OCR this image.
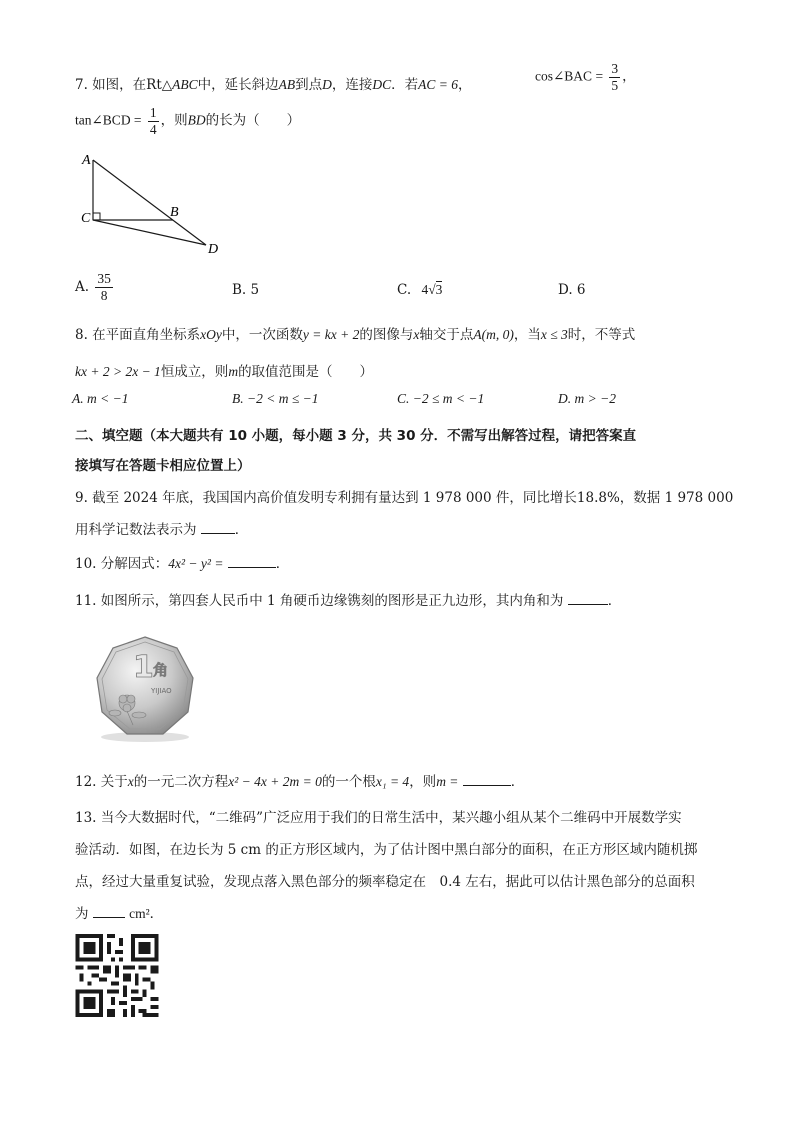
7. 如图，在Rt△ABC中，延长斜边AB到点D，连接DC．若AC = 6，
cos∠BAC = $\frac{3}{5}$ ，
tan∠BCD = $\frac{1}{4}$ ，则BD的长为（　　）
A
C	B
D
A. $\frac{35}{8}$	B. 5	C. 4√3	D. 6
8. 在平面直角坐标系xOy中，一次函数y = kx + 2的图像与x轴交于点A(m, 0)，当x ≤ 3时，不等式
kx + 2 > 2x − 1恒成立，则m的取值范围是（　　）
A. m < −1	B. −2 < m ≤ −1	C. −2 ≤ m < −1	D. m > −2
二、填空题（本大题共有 10 小题，每小题 3 分，共 30 分．不需写出解答过程，请把答案直
接填写在答题卡相应位置上）
9. 截至 2024 年底，我国国内高价值发明专利拥有量达到 1 978 000 件，同比增长18.8%，数据 1 978 000
用科学记数法表示为	．
10. 分解因式：4x² − y² =	．
11. 如图所示，第四套人民币中 1 角硬币边缘镌刻的图形是正九边形，其内角和为	．
1 角
YIJIAO
12. 关于x的一元二次方程x² − 4x + 2m = 0的一个根x₁ = 4，则m =	．
13. 当今大数据时代，“二维码”广泛应用于我们的日常生活中，某兴趣小组从某个二维码中开展数学实
验活动．如图，在边长为 5 cm 的正方形区域内，为了估计图中黑白部分的面积，在正方形区域内随机掷
点，经过大量重复试验，发现点落入黑色部分的频率稳定在　0.4 左右，据此可以估计黑色部分的总面积
为	cm²．
